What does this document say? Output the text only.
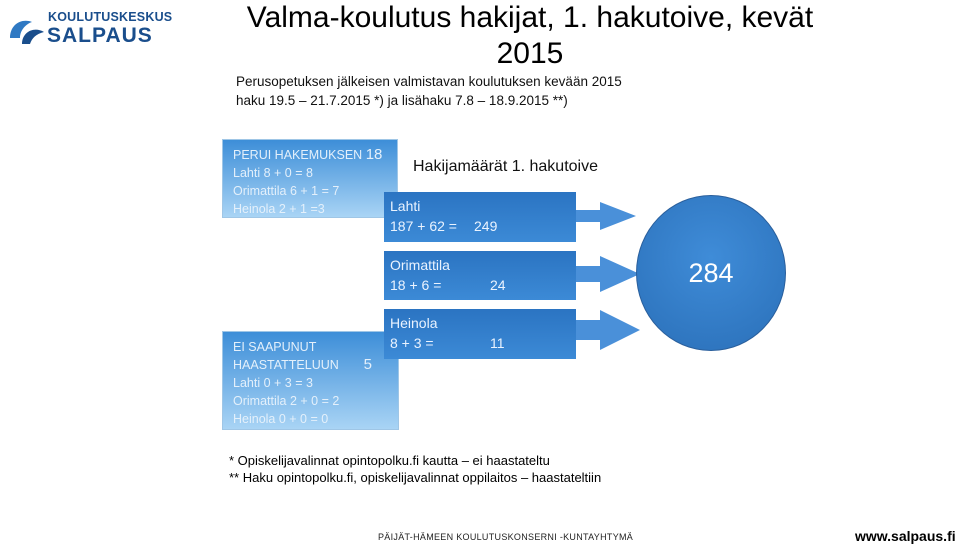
KOULUTUSKESKUS
SALPAUS
Valma-koulutus hakijat, 1. hakutoive, kevät
2015
Perusopetuksen jälkeisen valmistavan koulutuksen kevään 2015
haku 19.5 – 21.7.2015 *) ja lisähaku 7.8 – 18.9.2015 **)
PERUI HAKEMUKSEN 18
Lahti 8 + 0 = 8
Orimattila 6 + 1 = 7
Heinola 2 + 1 =3
EI SAAPUNUT
HAASTATTELUUN 5
Lahti 0 + 3 = 3
Orimattila 2 + 0 = 2
Heinola 0 + 0 = 0
Hakijamäärät 1. hakutoive
Lahti
187 + 62 =	249
Orimattila
18 + 6 =	24
Heinola
8 + 3 =	11
284
* Opiskelijavalinnat opintopolku.fi kautta – ei haastateltu
** Haku opintopolku.fi, opiskelijavalinnat oppilaitos – haastateltiin
PÄIJÄT-HÄMEEN KOULUTUSKONSERNI -KUNTAYHTYMÄ	www.salpaus.fi
